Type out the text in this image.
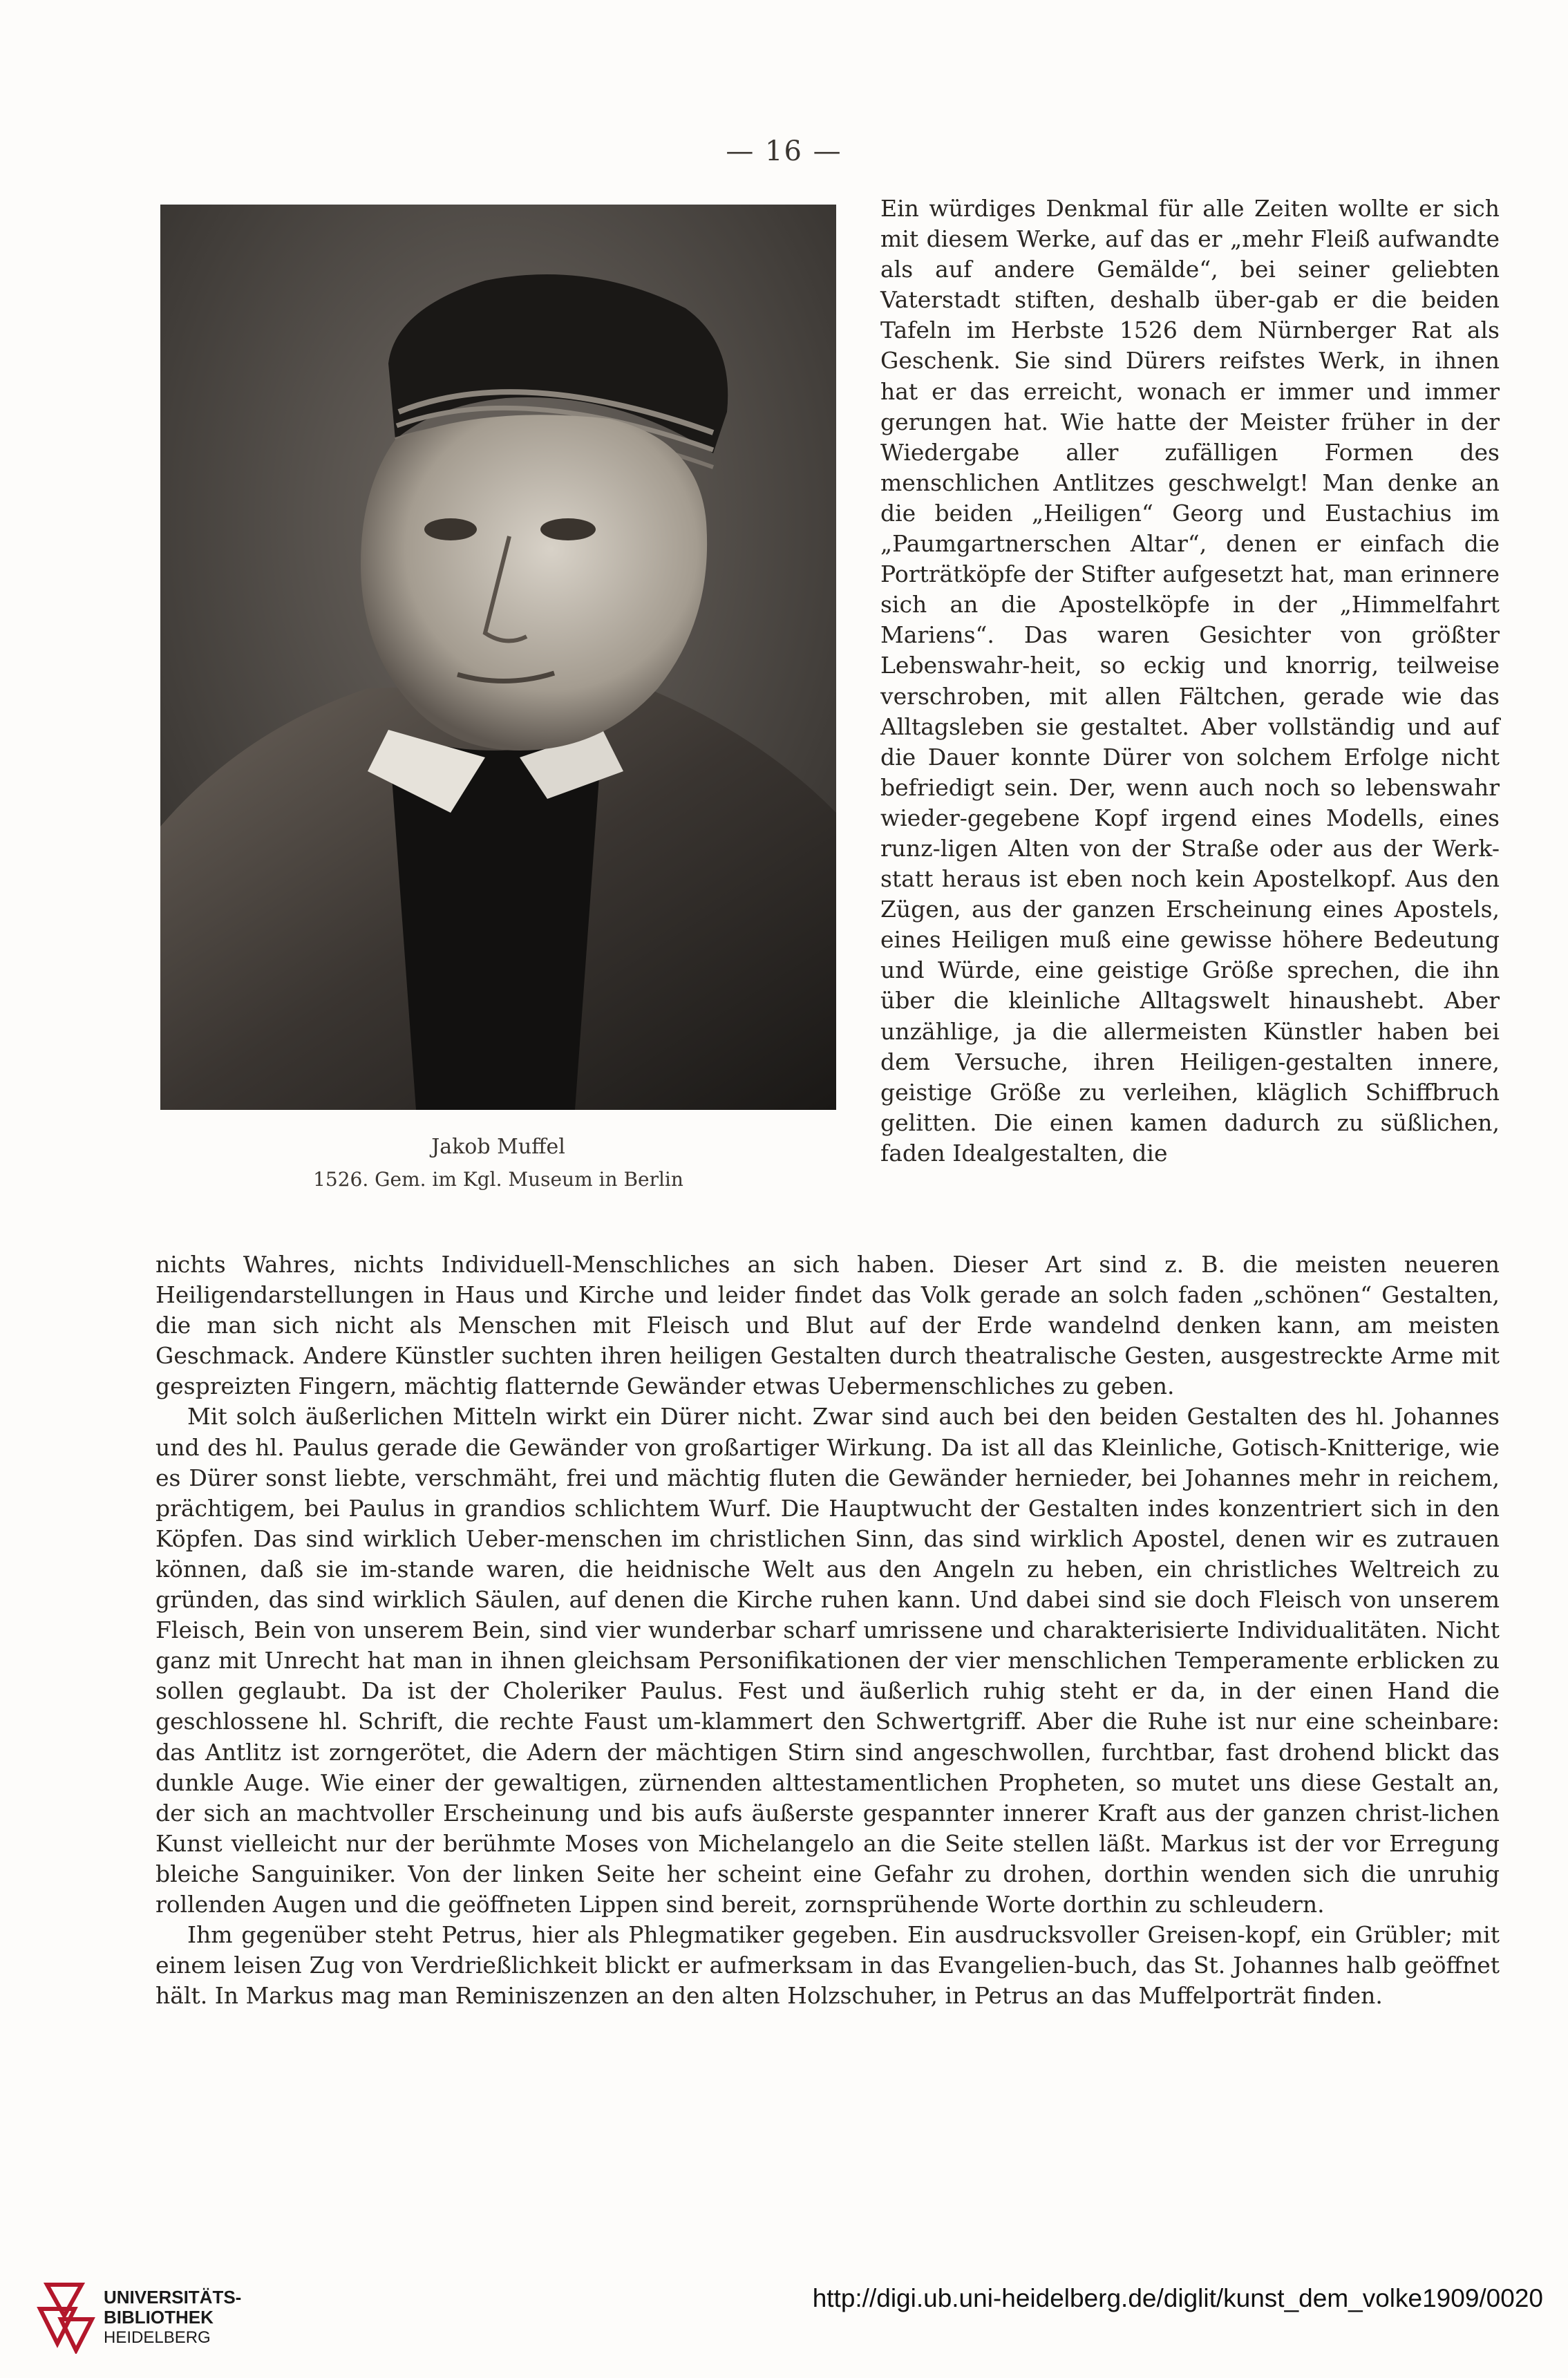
— 16 —
Jakob Muffel
1526. Gem. im Kgl. Museum in Berlin

Ein würdiges Denkmal für alle Zeiten wollte er sich mit diesem Werke, auf das er „mehr Fleiß aufwandte als auf andere Gemälde“, bei seiner geliebten Vaterstadt stiften, deshalb über-gab er die beiden Tafeln im Herbste 1526 dem Nürnberger Rat als Geschenk. Sie sind Dürers reifstes Werk, in ihnen hat er das erreicht, wonach er immer und immer gerungen hat. Wie hatte der Meister früher in der Wiedergabe aller zufälligen Formen des menschlichen Antlitzes geschwelgt! Man denke an die beiden „Heiligen“ Georg und Eustachius im „Paumgartnerschen Altar“, denen er einfach die Porträtköpfe der Stifter aufgesetzt hat, man erinnere sich an die Apostelköpfe in der „Himmelfahrt Mariens“. Das waren Gesichter von größter Lebenswahr-heit, so eckig und knorrig, teilweise verschroben, mit allen Fältchen, gerade wie das Alltagsleben sie gestaltet. Aber vollständig und auf die Dauer konnte Dürer von solchem Erfolge nicht befriedigt sein. Der, wenn auch noch so lebenswahr wieder-gegebene Kopf irgend eines Modells, eines runz-ligen Alten von der Straße oder aus der Werk-statt heraus ist eben noch kein Apostelkopf. Aus den Zügen, aus der ganzen Erscheinung eines Apostels, eines Heiligen muß eine gewisse höhere Bedeutung und Würde, eine geistige Größe sprechen, die ihn über die kleinliche Alltagswelt hinaushebt. Aber unzählige, ja die allermeisten Künstler haben bei dem Versuche, ihren Heiligen-gestalten innere, geistige Größe zu verleihen, kläglich Schiffbruch gelitten. Die einen kamen dadurch zu süßlichen, faden Idealgestalten, die

nichts Wahres, nichts Individuell-Menschliches an sich haben. Dieser Art sind z. B. die meisten neueren Heiligendarstellungen in Haus und Kirche und leider findet das Volk gerade an solch faden „schönen“ Gestalten, die man sich nicht als Menschen mit Fleisch und Blut auf der Erde wandelnd denken kann, am meisten Geschmack. Andere Künstler suchten ihren heiligen Gestalten durch theatralische Gesten, ausgestreckte Arme mit gespreizten Fingern, mächtig flatternde Gewänder etwas Uebermenschliches zu geben.

Mit solch äußerlichen Mitteln wirkt ein Dürer nicht. Zwar sind auch bei den beiden Gestalten des hl. Johannes und des hl. Paulus gerade die Gewänder von großartiger Wirkung. Da ist all das Kleinliche, Gotisch-Knitterige, wie es Dürer sonst liebte, verschmäht, frei und mächtig fluten die Gewänder hernieder, bei Johannes mehr in reichem, prächtigem, bei Paulus in grandios schlichtem Wurf. Die Hauptwucht der Gestalten indes konzentriert sich in den Köpfen. Das sind wirklich Ueber-menschen im christlichen Sinn, das sind wirklich Apostel, denen wir es zutrauen können, daß sie im-stande waren, die heidnische Welt aus den Angeln zu heben, ein christliches Weltreich zu gründen, das sind wirklich Säulen, auf denen die Kirche ruhen kann. Und dabei sind sie doch Fleisch von unserem Fleisch, Bein von unserem Bein, sind vier wunderbar scharf umrissene und charakterisierte Individualitäten. Nicht ganz mit Unrecht hat man in ihnen gleichsam Personifikationen der vier menschlichen Temperamente erblicken zu sollen geglaubt. Da ist der Choleriker Paulus. Fest und äußerlich ruhig steht er da, in der einen Hand die geschlossene hl. Schrift, die rechte Faust um-klammert den Schwertgriff. Aber die Ruhe ist nur eine scheinbare: das Antlitz ist zorngerötet, die Adern der mächtigen Stirn sind angeschwollen, furchtbar, fast drohend blickt das dunkle Auge. Wie einer der gewaltigen, zürnenden alttestamentlichen Propheten, so mutet uns diese Gestalt an, der sich an machtvoller Erscheinung und bis aufs äußerste gespannter innerer Kraft aus der ganzen christ-lichen Kunst vielleicht nur der berühmte Moses von Michelangelo an die Seite stellen läßt. Markus ist der vor Erregung bleiche Sanguiniker. Von der linken Seite her scheint eine Gefahr zu drohen, dorthin wenden sich die unruhig rollenden Augen und die geöffneten Lippen sind bereit, zornsprühende Worte dorthin zu schleudern.

Ihm gegenüber steht Petrus, hier als Phlegmatiker gegeben. Ein ausdrucksvoller Greisen-kopf, ein Grübler; mit einem leisen Zug von Verdrießlichkeit blickt er aufmerksam in das Evangelien-buch, das St. Johannes halb geöffnet hält. In Markus mag man Reminiszenzen an den alten Holzschuher, in Petrus an das Muffelporträt finden.

UNIVERSITÄTS-
BIBLIOTHEK
HEIDELBERG
http://digi.ub.uni-heidelberg.de/diglit/kunst_dem_volke1909/0020
